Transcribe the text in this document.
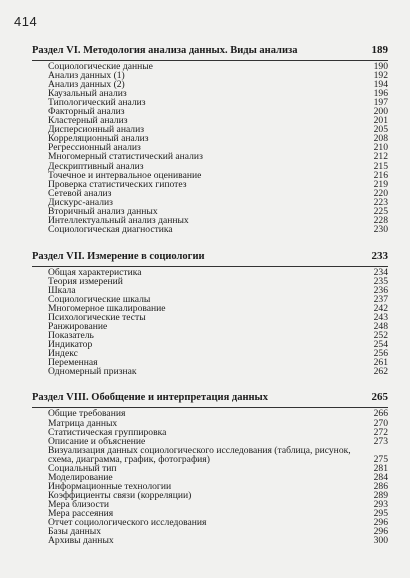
414
Раздел VI. Методология анализа данных. Виды анализа	189
Социологические данные	190
Анализ данных (1)	192
Анализ данных (2)	194
Каузальный анализ	196
Типологический анализ	197
Факторный анализ	200
Кластерный анализ	201
Дисперсионный анализ	205
Корреляционный анализ	208
Регрессионный анализ	210
Многомерный статистический анализ	212
Дескриптивный анализ	215
Точечное и интервальное оценивание	216
Проверка статистических гипотез	219
Сетевой анализ	220
Дискурс-анализ	223
Вторичный анализ данных	225
Интеллектуальный анализ данных	228
Социологическая диагностика	230
Раздел VII. Измерение в социологии	233
Общая характеристика	234
Теория измерений	235
Шкала	236
Социологические шкалы	237
Многомерное шкалирование	242
Психологические тесты	243
Ранжирование	248
Показатель	252
Индикатор	254
Индекс	256
Переменная	261
Одномерный признак	262
Раздел VIII. Обобщение и интерпретация данных	265
Общие требования	266
Матрица данных	270
Статистическая группировка	272
Описание и объяснение	273
Визуализация данных социологического исследования (таблица, рисунок, схема, диаграмма, график, фотография)	275
Социальный тип	281
Моделирование	284
Информационные технологии	286
Коэффициенты связи (корреляции)	289
Мера близости	293
Мера рассеяния	295
Отчет социологического исследования	296
Базы данных	296
Архивы данных	300
